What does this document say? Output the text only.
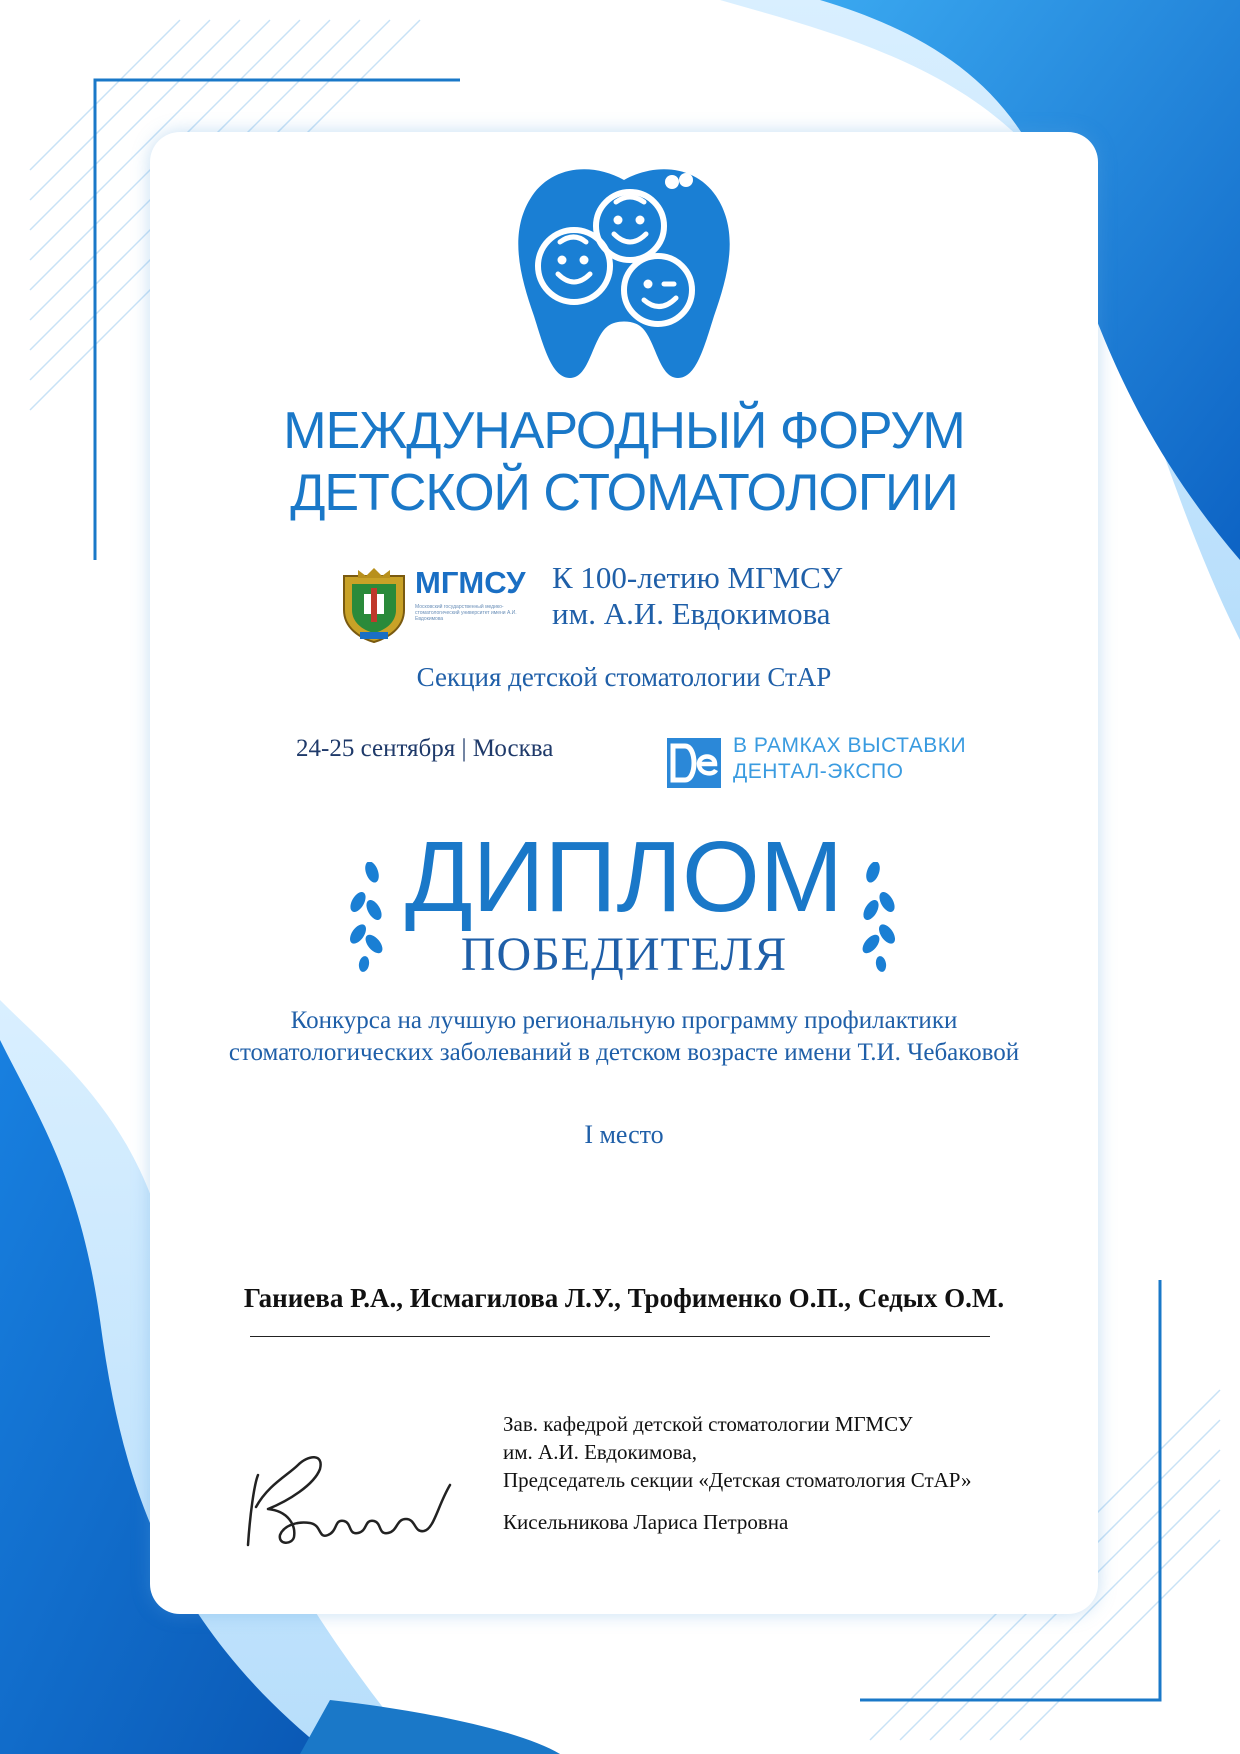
МЕЖДУНАРОДНЫЙ ФОРУМ
ДЕТСКОЙ СТОМАТОЛОГИИ
МГМСУ
Московский государственный медико-стоматологический университет имени А.И. Евдокимова
К 100-летию МГМСУ
им. А.И. Евдокимова
Секция детской стоматологии СтАР
24-25 сентября | Москва	В РАМКАХ ВЫСТАВКИ
ДЕНТАЛ-ЭКСПО
ДИПЛОМ
ПОБЕДИТЕЛЯ
Конкурса на лучшую региональную программу профилактики
стоматологических заболеваний в детском возрасте имени Т.И. Чебаковой
I место
Ганиева Р.А., Исмагилова Л.У., Трофименко О.П., Седых О.М.
Зав. кафедрой детской стоматологии МГМСУ
им. А.И. Евдокимова,
Председатель секции «Детская стоматология СтАР»
Кисельникова Лариса Петровна
